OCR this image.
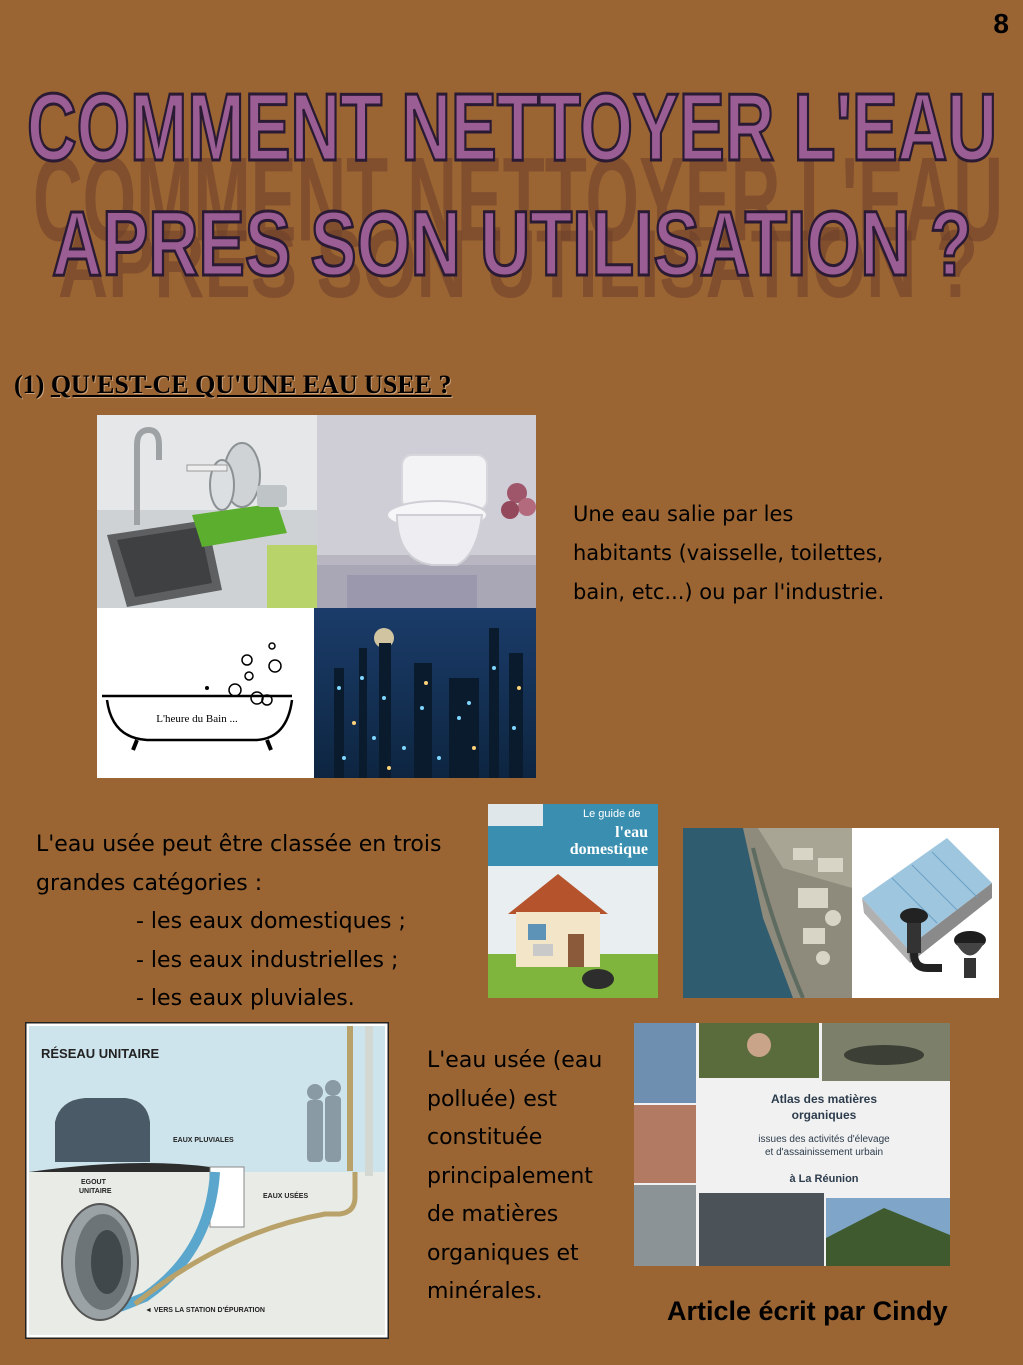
8
COMMENT NETTOYER L'EAU
APRES SON UTILISATION ?
COMMENT NETTOYER L'EAU
APRES SON UTILISATION ?
(1) QU'EST-CE QU'UNE EAU USEE ?
L'heure du Bain ...
Une eau salie par les habitants (vaisselle, toilettes, bain, etc...) ou par l'industrie.
L'eau usée peut être classée en trois grandes catégories :
- les eaux domestiques ;
- les eaux industrielles ;
- les eaux pluviales.
Le guide de
l'eau
domestique
RÉSEAU UNITAIRE
EAUX PLUVIALES
EGOUT
UNITAIRE
EAUX USÉES
◄ VERS LA STATION D'ÉPURATION
L'eau usée (eau polluée) est constituée principalement de matières organiques et minérales.
Atlas des matières
organiques
issues des activités d'élevage
et d'assainissement urbain
à La Réunion
Article écrit par Cindy
